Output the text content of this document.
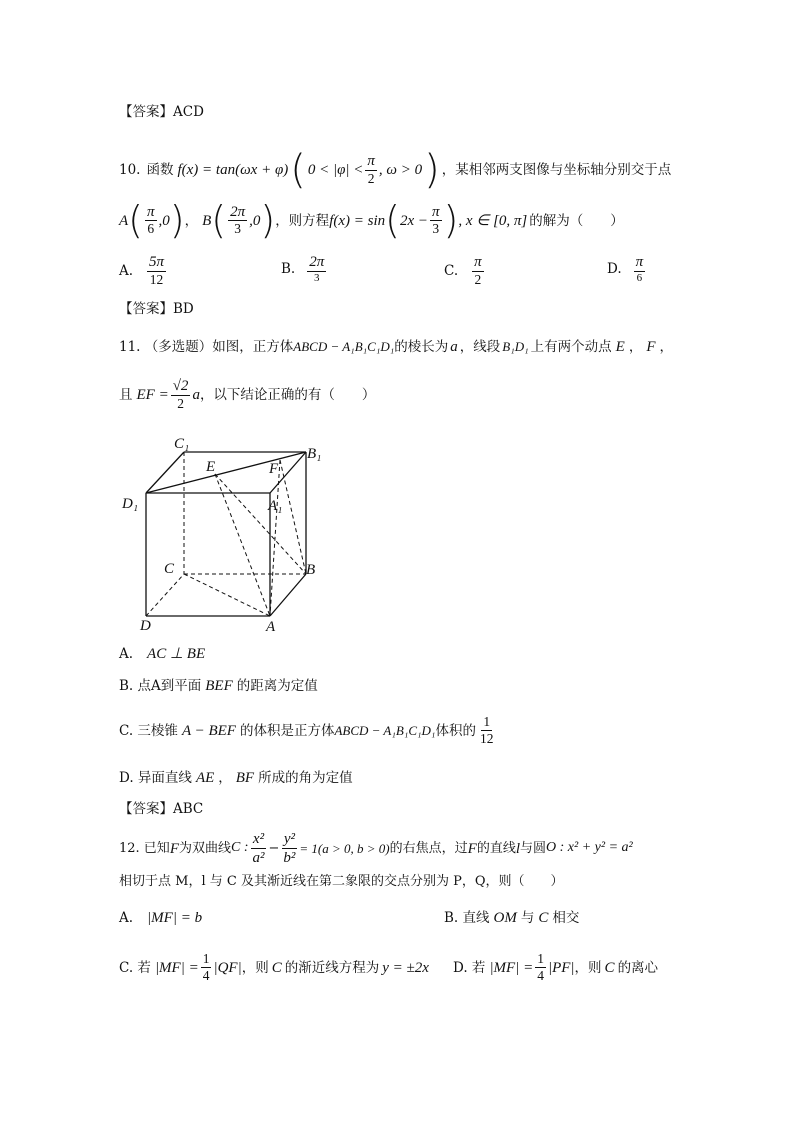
【答案】ACD
10. 函数 f(x) = tan(ωx + φ) ( $0 < |\varphi| < \frac{\pi}{2}$ , ω > 0 ) ，某相邻两支图像与坐标轴分别交于点
A ( $\frac{\pi}{6} ,0$ ) ， B ( $\frac{2\pi}{3} ,0$ ) ，则方程 f(x) = sin ( $2x - \frac{\pi}{3}$ ) , x ∈ [0, π] 的解为（　　）
A. $\frac{5\pi}{12}$	B. $\frac{2\pi}{3}$	C. $\frac{\pi}{2}$	D. $\frac{\pi}{6}$
【答案】BD
11. （多选题）如图，正方体 ABCD − A₁B₁C₁D₁ 的棱长为 a ，线段 B₁D₁ 上有两个动点 E ， F ，
且 EF = $\frac{√2}{2}$ a ，以下结论正确的有（　　）
C₁
B₁
D₁	A₁
E	F
C	B
D	A
A. AC ⊥ BE
B. 点A到平面 BEF 的距离为定值
C. 三棱锥 A − BEF 的体积是正方体 ABCD − A₁B₁C₁D₁ 体积的 $\frac{1}{12}$
D. 异面直线 AE ， BF 所成的角为定值
【答案】ABC
12. 已知 F 为双曲线 C : $\frac{\text{x²}}{\text{a²}} - \frac{\text{y²}}{\text{b²}} = 1(a > 0$, b > 0) 的右焦点，过 F 的直线 l 与圆 O : x² + y² = a²
相切于点 M，l 与 C 及其渐近线在第二象限的交点分别为 P，Q，则（　　）
A. |MF| = b	B. 直线 OM 与 C 相交
C. 若 $|MF| = \frac{1}{4} |QF|$ ，则 C 的渐近线方程为 y = ±2x D. 若 $|MF| = \frac{1}{4} |PF|$ ，则 C 的离心
